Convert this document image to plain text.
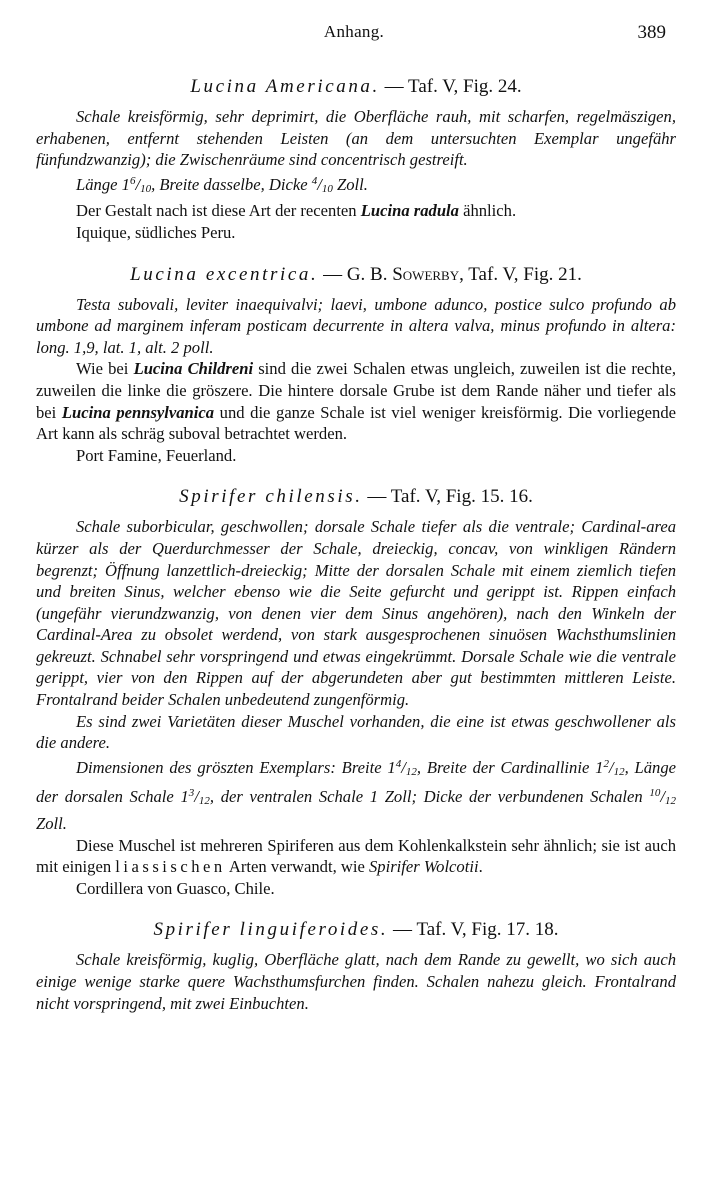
Anhang.	389
Lucina Americana. — Taf. V, Fig. 24.

Schale kreisförmig, sehr deprimirt, die Oberfläche rauh, mit scharfen, regelmäszigen, erhabenen, entfernt stehenden Leisten (an dem untersuchten Exemplar ungefähr fünfundzwanzig); die Zwischenräume sind concentrisch gestreift.

Länge $1^6/_{10}$, Breite dasselbe, Dicke $^4/_{10}$ Zoll.

Der Gestalt nach ist diese Art der recenten Lucina radula ähnlich.

Iquique, südliches Peru.

Lucina excentrica. — G. B. Sowerby, Taf. V, Fig. 21.

Testa subovali, leviter inaequivalvi; laevi, umbone adunco, postice sulco profundo ab umbone ad marginem inferam posticam decurrente in altera valva, minus profundo in altera: long. 1,9, lat. 1, alt. 2 poll.

Wie bei Lucina Childreni sind die zwei Schalen etwas ungleich, zuweilen ist die rechte, zuweilen die linke die gröszere. Die hintere dorsale Grube ist dem Rande näher und tiefer als bei Lucina pennsylvanica und die ganze Schale ist viel weniger kreisförmig. Die vorliegende Art kann als schräg suboval betrachtet werden.

Port Famine, Feuerland.

Spirifer chilensis. — Taf. V, Fig. 15. 16.

Schale suborbicular, geschwollen; dorsale Schale tiefer als die ventrale; Cardinal-area kürzer als der Querdurchmesser der Schale, dreieckig, concav, von winkligen Rändern begrenzt; Öffnung lanzettlich-dreieckig; Mitte der dorsalen Schale mit einem ziemlich tiefen und breiten Sinus, welcher ebenso wie die Seite gefurcht und gerippt ist. Rippen einfach (ungefähr vierundzwanzig, von denen vier dem Sinus angehören), nach den Winkeln der Cardinal-Area zu obsolet werdend, von stark ausgesprochenen sinuösen Wachsthumslinien gekreuzt. Schnabel sehr vorspringend und etwas eingekrümmt. Dorsale Schale wie die ventrale gerippt, vier von den Rippen auf der abgerundeten aber gut bestimmten mittleren Leiste. Frontalrand beider Schalen unbedeutend zungenförmig.

Es sind zwei Varietäten dieser Muschel vorhanden, die eine ist etwas geschwollener als die andere.

Dimensionen des gröszten Exemplars: Breite $1^4/_{12}$, Breite der Cardinallinie $1^2/_{12}$, Länge der dorsalen Schale $1^3/_{12}$, der ventralen Schale 1 Zoll; Dicke der verbundenen Schalen $^{10}/_{12}$ Zoll.

Diese Muschel ist mehreren Spiriferen aus dem Kohlenkalkstein sehr ähnlich; sie ist auch mit einigen liassischen Arten verwandt, wie Spirifer Wolcotii.

Cordillera von Guasco, Chile.

Spirifer linguiferoides. — Taf. V, Fig. 17. 18.

Schale kreisförmig, kuglig, Oberfläche glatt, nach dem Rande zu gewellt, wo sich auch einige wenige starke quere Wachsthumsfurchen finden. Schalen nahezu gleich. Frontalrand nicht vorspringend, mit zwei Einbuchten.
